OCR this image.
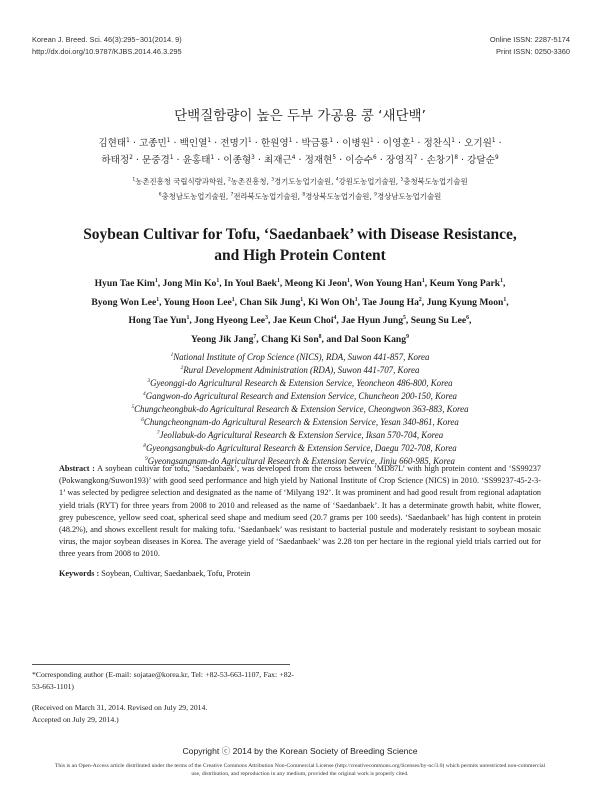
Korean J. Breed. Sci. 46(3):295~301(2014. 9)
http://dx.doi.org/10.9787/KJBS.2014.46.3.295
Online ISSN: 2287-5174
Print ISSN: 0250-3360
단백질함량이 높은 두부 가공용 콩 ‘새단백’
김현태$^1$ · 고종민$^1$ · 백인열$^1$ · 전명기$^1$ · 한원영$^1$ · 박금룡$^1$ · 이병원$^1$ · 이영훈$^1$ · 정찬식$^1$ · 오기원$^1$ ·
하태정$^2$ · 문중경$^1$ · 윤홍태$^1$ · 이종형$^3$ · 최재근$^4$ · 정재현$^5$ · 이승수$^6$ · 장영직$^7$ · 손창기$^8$ · 강달순$^9$
$^1$농촌진흥청 국립식량과학원, $^2$농촌진흥청, $^3$경기도농업기술원, $^4$강원도농업기술원, $^5$충청북도농업기술원
$^6$충청남도농업기술원, $^7$전라북도농업기술원, $^8$경상북도농업기술원, $^9$경상남도농업기술원
Soybean Cultivar for Tofu, ‘Saedanbaek’ with Disease Resistance,
and High Protein Content
Hyun Tae Kim$^1$, Jong Min Ko$^1$, In Youl Baek$^1$, Meong Ki Jeon$^1$, Won Young Han$^1$, Keum Yong Park$^1$,
Byong Won Lee$^1$, Young Hoon Lee$^1$, Chan Sik Jung$^1$, Ki Won Oh$^1$, Tae Joung Ha$^2$, Jung Kyung Moon$^1$,
Hong Tae Yun$^1$, Jong Hyeong Lee$^3$, Jae Keun Choi$^4$, Jae Hyun Jung$^5$, Seung Su Lee$^6$,
Yeong Jik Jang$^7$, Chang Ki Son$^8$, and Dal Soon Kang$^9$
$^1$National Institute of Crop Science (NICS), RDA, Suwon 441-857, Korea
$^2$Rural Development Administration (RDA), Suwon 441-707, Korea
$^3$Gyeonggi-do Agricultural Research & Extension Service, Yeoncheon 486-800, Korea
$^4$Gangwon-do Agricultural Research and Extension Service, Chuncheon 200-150, Korea
$^5$Chungcheongbuk-do Agricultural Research & Extension Service, Cheongwon 363-883, Korea
$^6$Chungcheongnam-do Agricultural Research & Extension Service, Yesan 340-861, Korea
$^7$Jeollabuk-do Agricultural Research & Extension Service, Iksan 570-704, Korea
$^8$Gyeongsangbuk-do Agricultural Research & Extension Service, Daegu 702-708, Korea
$^9$Gyeongsangnam-do Agricultural Research & Extension Service, Jinju 660-985, Korea
Abstract : A soybean cultivar for tofu, ‘Saedanbaek’, was developed from the cross between ‘MD87L’ with high protein content and ‘SS99237 (Pokwangkong/Suwon193)’ with good seed performance and high yield by National Institute of Crop Science (NICS) in 2010. ‘SS99237-45-2-3-1’ was selected by pedigree selection and designated as the name of ‘Milyang 192’. It was prominent and had good result from regional adaptation yield trials (RYT) for three years from 2008 to 2010 and released as the name of ‘Saedanbaek’. It has a determinate growth habit, white flower, grey pubescence, yellow seed coat, spherical seed shape and medium seed (20.7 grams per 100 seeds). ‘Saedanbaek’ has high content in protein (48.2%), and shows excellent result for making tofu. ‘Saedanbaek’ was resistant to bacterial pustule and moderately resistant to soybean mosaic virus, the major soybean diseases in Korea. The average yield of ‘Saedanbaek’ was 2.28 ton per hectare in the regional yield trials carried out for three years from 2008 to 2010.
Keywords : Soybean, Cultivar, Saedanbaek, Tofu, Protein

*Corresponding author (E-mail: sojatae@korea.kr, Tel: +82-53-663-1107, Fax: +82-53-663-1101)

(Received on March 31, 2014. Revised on July 29, 2014.

Accepted on July 29, 2014.)

Copyright ⓒ 2014 by the Korean Society of Breeding Science
This is an Open-Access article distributed under the terms of the Creative Commons Attribution Non-Commercial License (http://creativecommons.org/licenses/by-nc/3.0) which permits unrestricted non-commercial use, distribution, and reproduction in any medium, provided the original work is properly cited.
